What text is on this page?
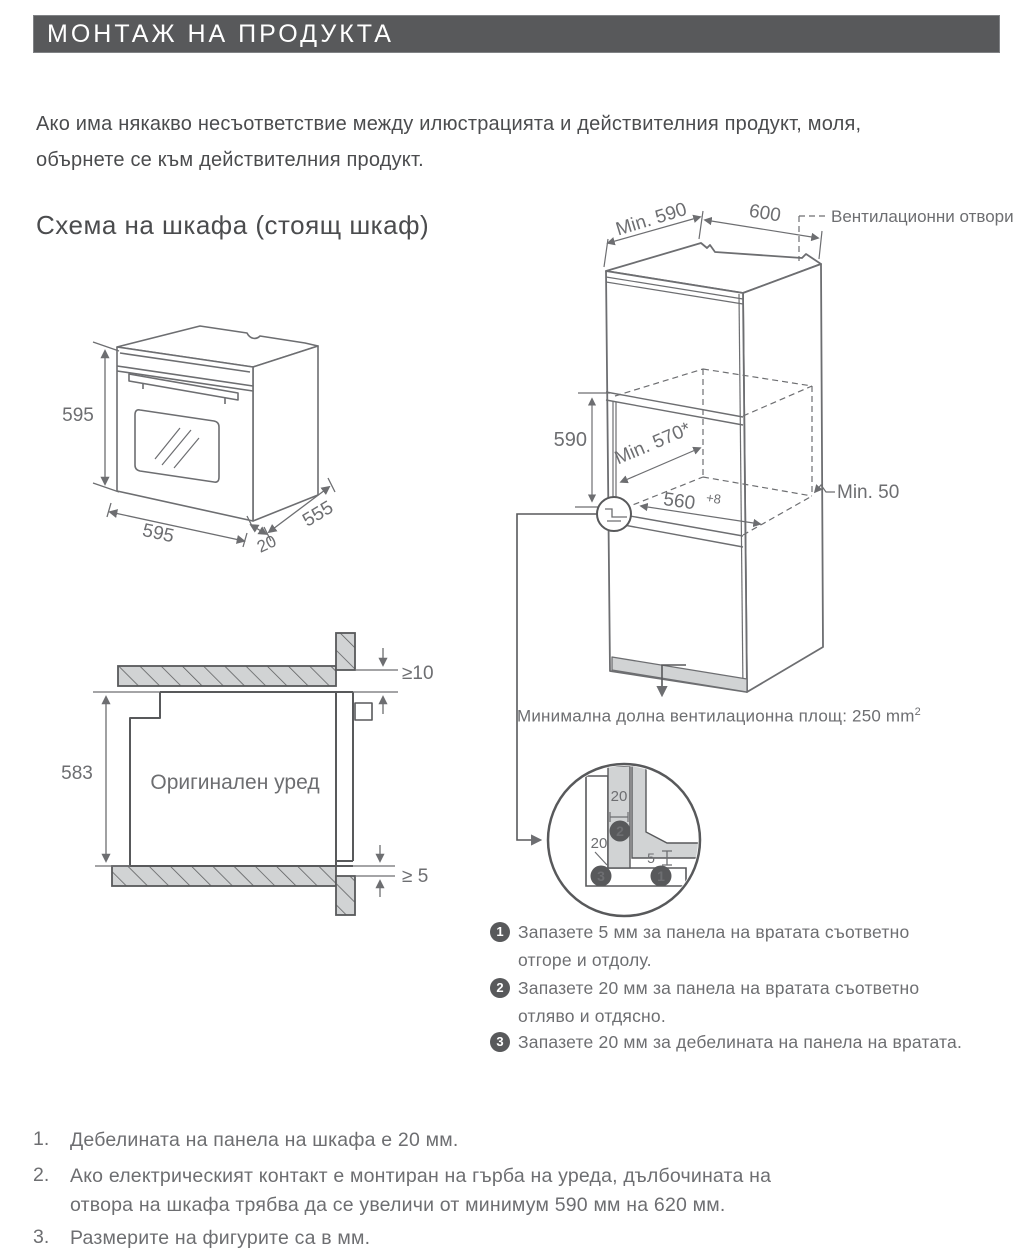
МОНТАЖ НА ПРОДУКТА
Ако има някакво несъответствие между илюстрацията и действителния продукт, моля, обърнете се към действителния продукт.
Схема на шкафа (стоящ шкаф)
595
595
555
20
20
20
5
2
3	1
Вентилационни отвори
Min. 590	600
590 Min. 570*
560 +8	Min. 50
Минимална долна вентилационна площ: 250 $mm^2$
583	Оригинален уред
≥10
≥ 5
1 Запазете 5 мм за панела на вратата съответно
отгоре и отдолу.
2 Запазете 20 мм за панела на вратата съответно
отляво и отдясно.
3 Запазете 20 мм за дебелината на панела на вратата.
1. Дебелината на панела на шкафа е 20 мм.
2. Ако електрическият контакт е монтиран на гърба на уреда, дълбочината на отвора на шкафа трябва да се увеличи от минимум 590 мм на 620 мм.
3. Размерите на фигурите са в мм.
